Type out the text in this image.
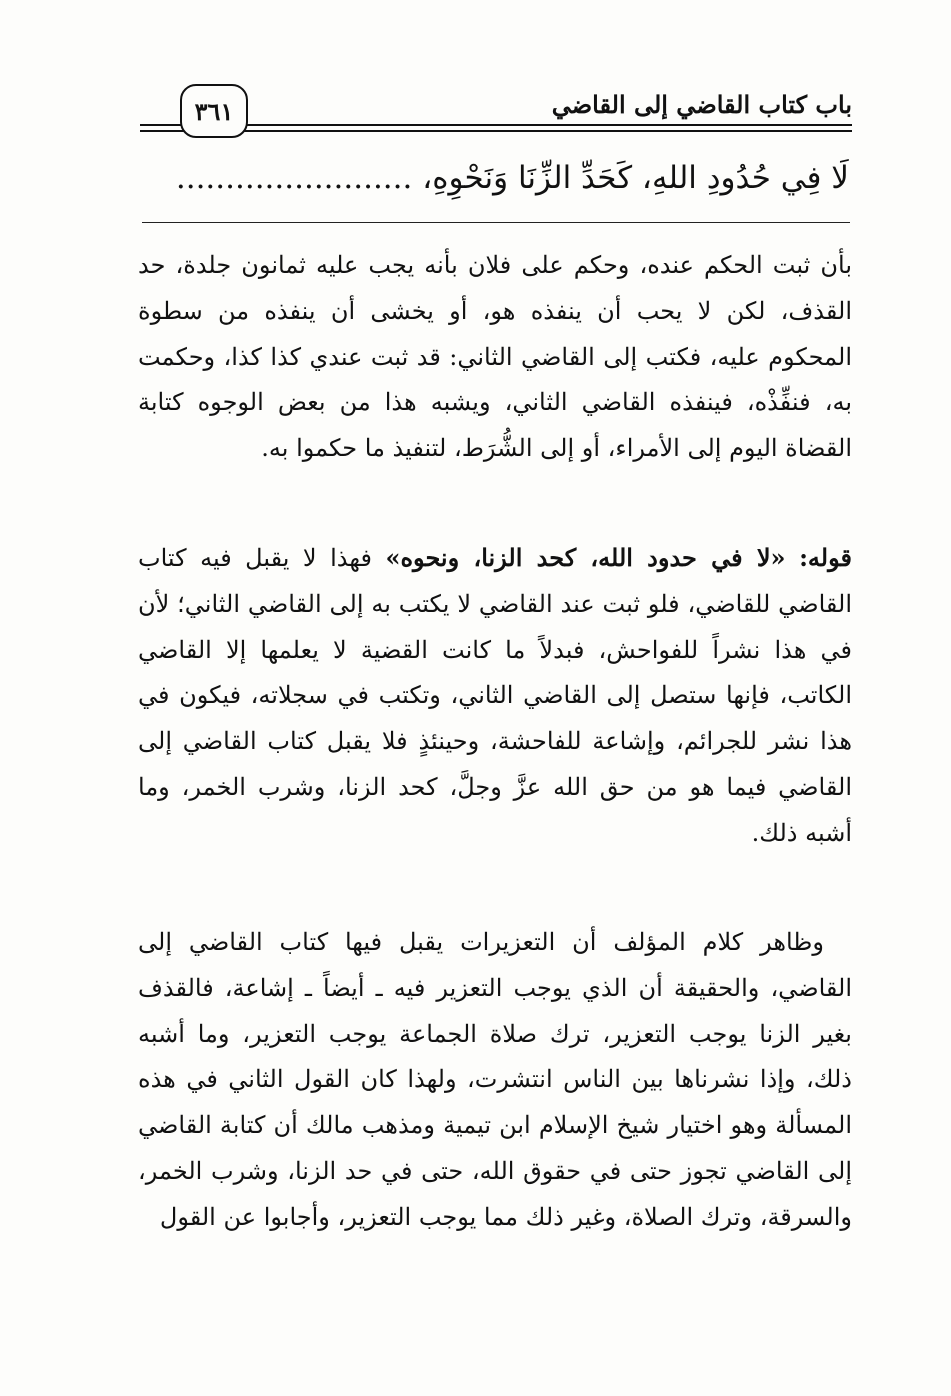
٣٦١	باب كتاب القاضي إلى القاضي
لَا فِي حُدُودِ اللهِ، كَحَدِّ الزِّنَا وَنَحْوِهِ، ........................
بأن ثبت الحكم عنده، وحكم على فلان بأنه يجب عليه ثمانون جلدة، حد القذف، لكن لا يحب أن ينفذه هو، أو يخشى أن ينفذه من سطوة المحكوم عليه، فكتب إلى القاضي الثاني: قد ثبت عندي كذا كذا، وحكمت به، فنفِّذْه، فينفذه القاضي الثاني، ويشبه هذا من بعض الوجوه كتابة القضاة اليوم إلى الأمراء، أو إلى الشُّرَط، لتنفيذ ما حكموا به.
قوله: «لا في حدود الله، كحد الزنا، ونحوه» فهذا لا يقبل فيه كتاب القاضي للقاضي، فلو ثبت عند القاضي لا يكتب به إلى القاضي الثاني؛ لأن في هذا نشراً للفواحش، فبدلاً ما كانت القضية لا يعلمها إلا القاضي الكاتب، فإنها ستصل إلى القاضي الثاني، وتكتب في سجلاته، فيكون في هذا نشر للجرائم، وإشاعة للفاحشة، وحينئذٍ فلا يقبل كتاب القاضي إلى القاضي فيما هو من حق الله عزَّ وجلَّ، كحد الزنا، وشرب الخمر، وما أشبه ذلك.
وظاهر كلام المؤلف أن التعزيرات يقبل فيها كتاب القاضي إلى القاضي، والحقيقة أن الذي يوجب التعزير فيه ـ أيضاً ـ إشاعة، فالقذف بغير الزنا يوجب التعزير، ترك صلاة الجماعة يوجب التعزير، وما أشبه ذلك، وإذا نشرناها بين الناس انتشرت، ولهذا كان القول الثاني في هذه المسألة وهو اختيار شيخ الإسلام ابن تيمية ومذهب مالك أن كتابة القاضي إلى القاضي تجوز حتى في حقوق الله، حتى في حد الزنا، وشرب الخمر، والسرقة، وترك الصلاة، وغير ذلك مما يوجب التعزير، وأجابوا عن القول
